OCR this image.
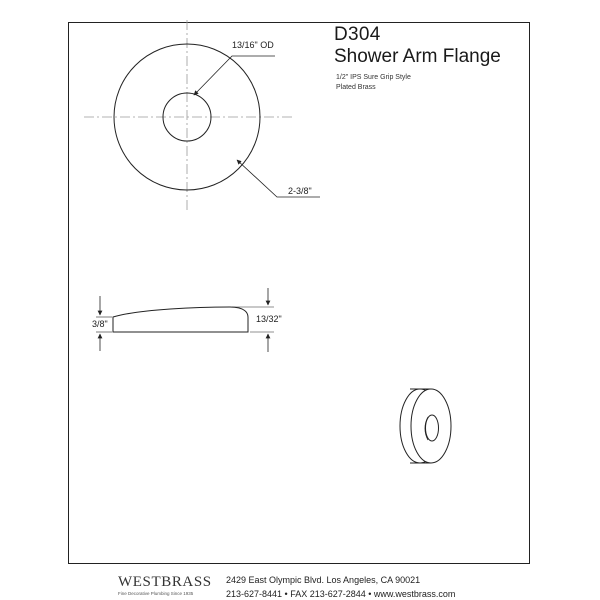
D304
Shower Arm Flange
1/2" IPS Sure Grip Style
Plated Brass
13/16" OD
2-3/8"
3/8"	13/32"
WESTBRASS
Fine Decorative Plumbing Since 1935
2429 East Olympic Blvd. Los Angeles, CA 90021
213-627-8441 • FAX 213-627-2844 • www.westbrass.com
